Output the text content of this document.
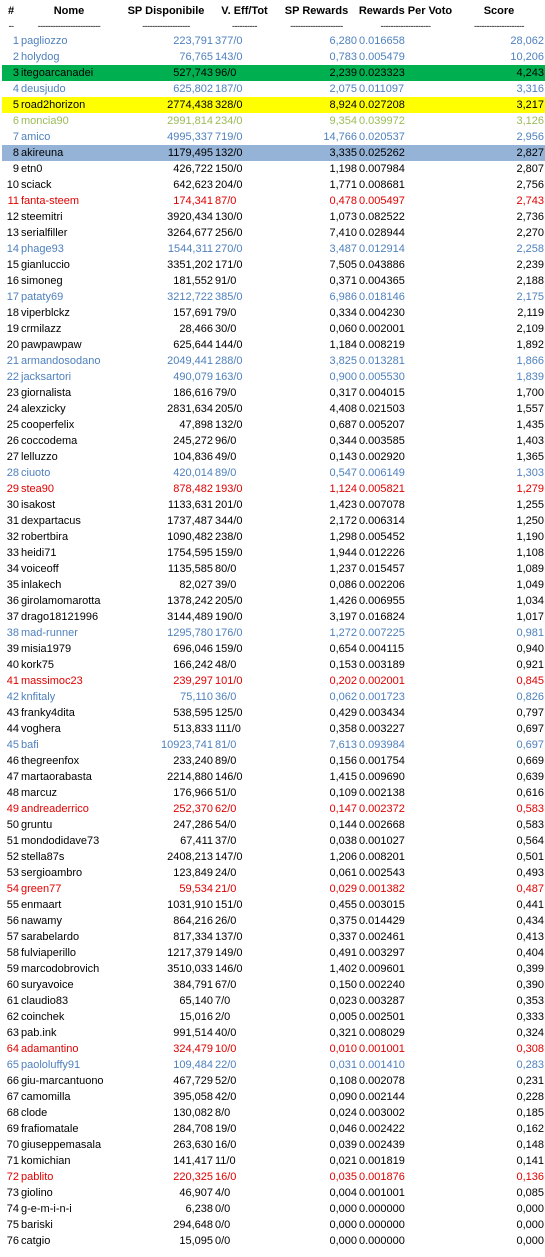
#	Nome	SP Disponibile	V. Eff/Tot	SP Rewards	Rewards Per Voto	Score
--	-------------------------	-------------------	----------	---------------------	--------------------	--------------------
1	pagliozzo	223,791	377/0	6,280	0.016658	28,062
2	holydog	76,765	143/0	0,783	0.005479	10,206
3	itegoarcanadei	527,743	96/0	2,239	0.023323	4,243
4	deusjudo	625,802	187/0	2,075	0.011097	3,316
5	road2horizon	2774,438	328/0	8,924	0.027208	3,217
6	moncia90	2991,814	234/0	9,354	0.039972	3,126
7	amico	4995,337	719/0	14,766	0.020537	2,956
8	akireuna	1179,495	132/0	3,335	0.025262	2,827
9	etn0	426,722	150/0	1,198	0.007984	2,807
10	sciack	642,623	204/0	1,771	0.008681	2,756
11	fanta-steem	174,341	87/0	0,478	0.005497	2,743
12	steemitri	3920,434	130/0	1,073	0.082522	2,736
13	serialfiller	3264,677	256/0	7,410	0.028944	2,270
14	phage93	1544,311	270/0	3,487	0.012914	2,258
15	gianluccio	3351,202	171/0	7,505	0.043886	2,239
16	simoneg	181,552	91/0	0,371	0.004365	2,188
17	pataty69	3212,722	385/0	6,986	0.018146	2,175
18	viperblckz	157,691	79/0	0,334	0.004230	2,119
19	crmilazz	28,466	30/0	0,060	0.002001	2,109
20	pawpawpaw	625,644	144/0	1,184	0.008219	1,892
21	armandosodano	2049,441	288/0	3,825	0.013281	1,866
22	jacksartori	490,079	163/0	0,900	0.005530	1,839
23	giornalista	186,616	79/0	0,317	0.004015	1,700
24	alexzicky	2831,634	205/0	4,408	0.021503	1,557
25	cooperfelix	47,898	132/0	0,687	0.005207	1,435
26	coccodema	245,272	96/0	0,344	0.003585	1,403
27	lelluzzo	104,836	49/0	0,143	0.002920	1,365
28	ciuoto	420,014	89/0	0,547	0.006149	1,303
29	stea90	878,482	193/0	1,124	0.005821	1,279
30	isakost	1133,631	201/0	1,423	0.007078	1,255
31	dexpartacus	1737,487	344/0	2,172	0.006314	1,250
32	robertbira	1090,482	238/0	1,298	0.005452	1,190
33	heidi71	1754,595	159/0	1,944	0.012226	1,108
34	voiceoff	1135,585	80/0	1,237	0.015457	1,089
35	inlakech	82,027	39/0	0,086	0.002206	1,049
36	girolamomarotta	1378,242	205/0	1,426	0.006955	1,034
37	drago18121996	3144,489	190/0	3,197	0.016824	1,017
38	mad-runner	1295,780	176/0	1,272	0.007225	0,981
39	misia1979	696,046	159/0	0,654	0.004115	0,940
40	kork75	166,242	48/0	0,153	0.003189	0,921
41	massimoc23	239,297	101/0	0,202	0.002001	0,845
42	knfitaly	75,110	36/0	0,062	0.001723	0,826
43	franky4dita	538,595	125/0	0,429	0.003434	0,797
44	voghera	513,833	111/0	0,358	0.003227	0,697
45	bafi	10923,741	81/0	7,613	0.093984	0,697
46	thegreenfox	233,240	89/0	0,156	0.001754	0,669
47	martaorabasta	2214,880	146/0	1,415	0.009690	0,639
48	marcuz	176,966	51/0	0,109	0.002138	0,616
49	andreaderrico	252,370	62/0	0,147	0.002372	0,583
50	gruntu	247,286	54/0	0,144	0.002668	0,583
51	mondodidave73	67,411	37/0	0,038	0.001027	0,564
52	stella87s	2408,213	147/0	1,206	0.008201	0,501
53	sergioambro	123,849	24/0	0,061	0.002543	0,493
54	green77	59,534	21/0	0,029	0.001382	0,487
55	enmaart	1031,910	151/0	0,455	0.003015	0,441
56	nawamy	864,216	26/0	0,375	0.014429	0,434
57	sarabelardo	817,334	137/0	0,337	0.002461	0,413
58	fulviaperillo	1217,379	149/0	0,491	0.003297	0,404
59	marcodobrovich	3510,033	146/0	1,402	0.009601	0,399
60	suryavoice	384,791	67/0	0,150	0.002240	0,390
61	claudio83	65,140	7/0	0,023	0.003287	0,353
62	coinchek	15,016	2/0	0,005	0.002501	0,333
63	pab.ink	991,514	40/0	0,321	0.008029	0,324
64	adamantino	324,479	10/0	0,010	0.001001	0,308
65	paololuffy91	109,484	22/0	0,031	0.001410	0,283
66	giu-marcantuono	467,729	52/0	0,108	0.002078	0,231
67	camomilla	395,058	42/0	0,090	0.002144	0,228
68	clode	130,082	8/0	0,024	0.003002	0,185
69	frafiomatale	284,708	19/0	0,046	0.002422	0,162
70	giuseppemasala	263,630	16/0	0,039	0.002439	0,148
71	komichian	141,417	11/0	0,021	0.001819	0,141
72	pablito	220,325	16/0	0,035	0.001876	0,136
73	giolino	46,907	4/0	0,004	0.001001	0,085
74	g-e-m-i-n-i	6,238	0/0	0,000	0.000000	0,000
75	bariski	294,648	0/0	0,000	0.000000	0,000
76	catgio	15,095	0/0	0,000	0.000000	0,000
